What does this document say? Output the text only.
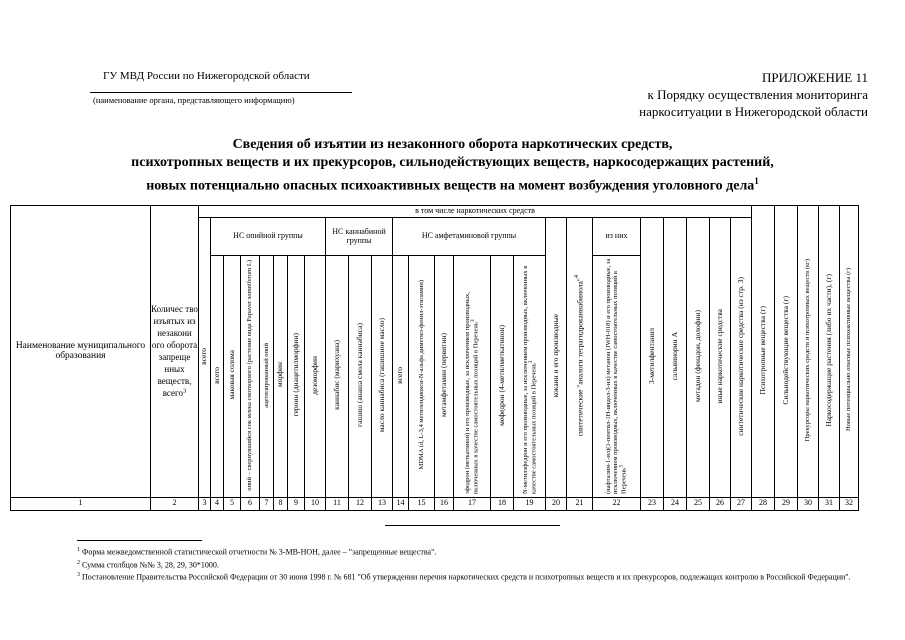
ГУ МВД России по Нижегородской области
(наименование органа, представляющего информацию)
ПРИЛОЖЕНИЕ 11
к Порядку осуществления мониторинга
наркоситуации в Нижегородской области
Сведения об изъятии из незаконного оборота наркотических средств,
психотропных веществ и их прекурсоров, сильнодействующих веществ, наркосодержащих растений,
новых потенциально опасных психоактивных веществ на момент возбуждения уголовного дела$^1$
Наименование муниципального образования	Количес тво изъятых из незакони ого оборота запреще нных веществ, всего$^3$	в том числе наркотических средств																									Психотропные вещества (г)	Сильнодействующие вещества (г)	Прекурсоры наркотических средств и психотропных веществ (кг)	Наркосодержащие растения (либо их части), (г)	Новые потенциально опасные психоактивные вещества (г)
		всего	НС опийной группы							НС каннабиной группы			НС амфетаминовой группы						кокаин и его производные	синтетические "аналоги тетрагидроканнабинола"$^4$	из них	3-метилфентанил	сальвинорин А	метадон (фенадон, долофин)	иные наркотические средства	синтетические наркотические средства (из стр. 3)					
			всего	маковая солома	опий – свернувшийся сок млека снотворного (растение вида Papaver somniferum L)	ацетилированный опий	морфин	героин (диацетилморфин)	дезоморфин	каннабис (марихуана)	гашиш (анаша смола каннабиса)	масло каннабиса (гашишное масло)	всего	MDMA (d, L-3,4 метилендиокси-N-альфа диметил-фенил-этиламин)	метамфетамин (первитин)	эфедрон (меткатинон) и его производные, за исключением производных, включенных в качестве самостоятельных позиций в Перечень$^3$	мефедрон (4-метилметкатинон)	N-метилэфедрон и его производные, за исключением производных, включенных в качестве самостоятельных позиций в Перечень$^3$			(нафталин-1-ил)(1-пентил-1Н-индол-3-ил) метанон (JWH-018) и его производные, за исключением производных, включенных в качестве самостоятельных позиций в Перечень$^3$
1	2	3	4	5	6	7	8	9	10	11	12	13	14	15	16	17	18	19	20	21	22	23	24	25	26	27	28	29	30	31	32
$^1$ Форма межведомственной статистической отчетности № 3-МВ-НОН, далее – "запрещенные вещества".
$^2$ Сумма столбцов №№ 3, 28, 29, 30*1000.
$^3$ Постановление Правительства Российской Федерации от 30 июня 1998 г. № 681 "Об утверждении перечня наркотических средств и психотропных веществ и их прекурсоров, подлежащих контролю в Российской Федерации".
